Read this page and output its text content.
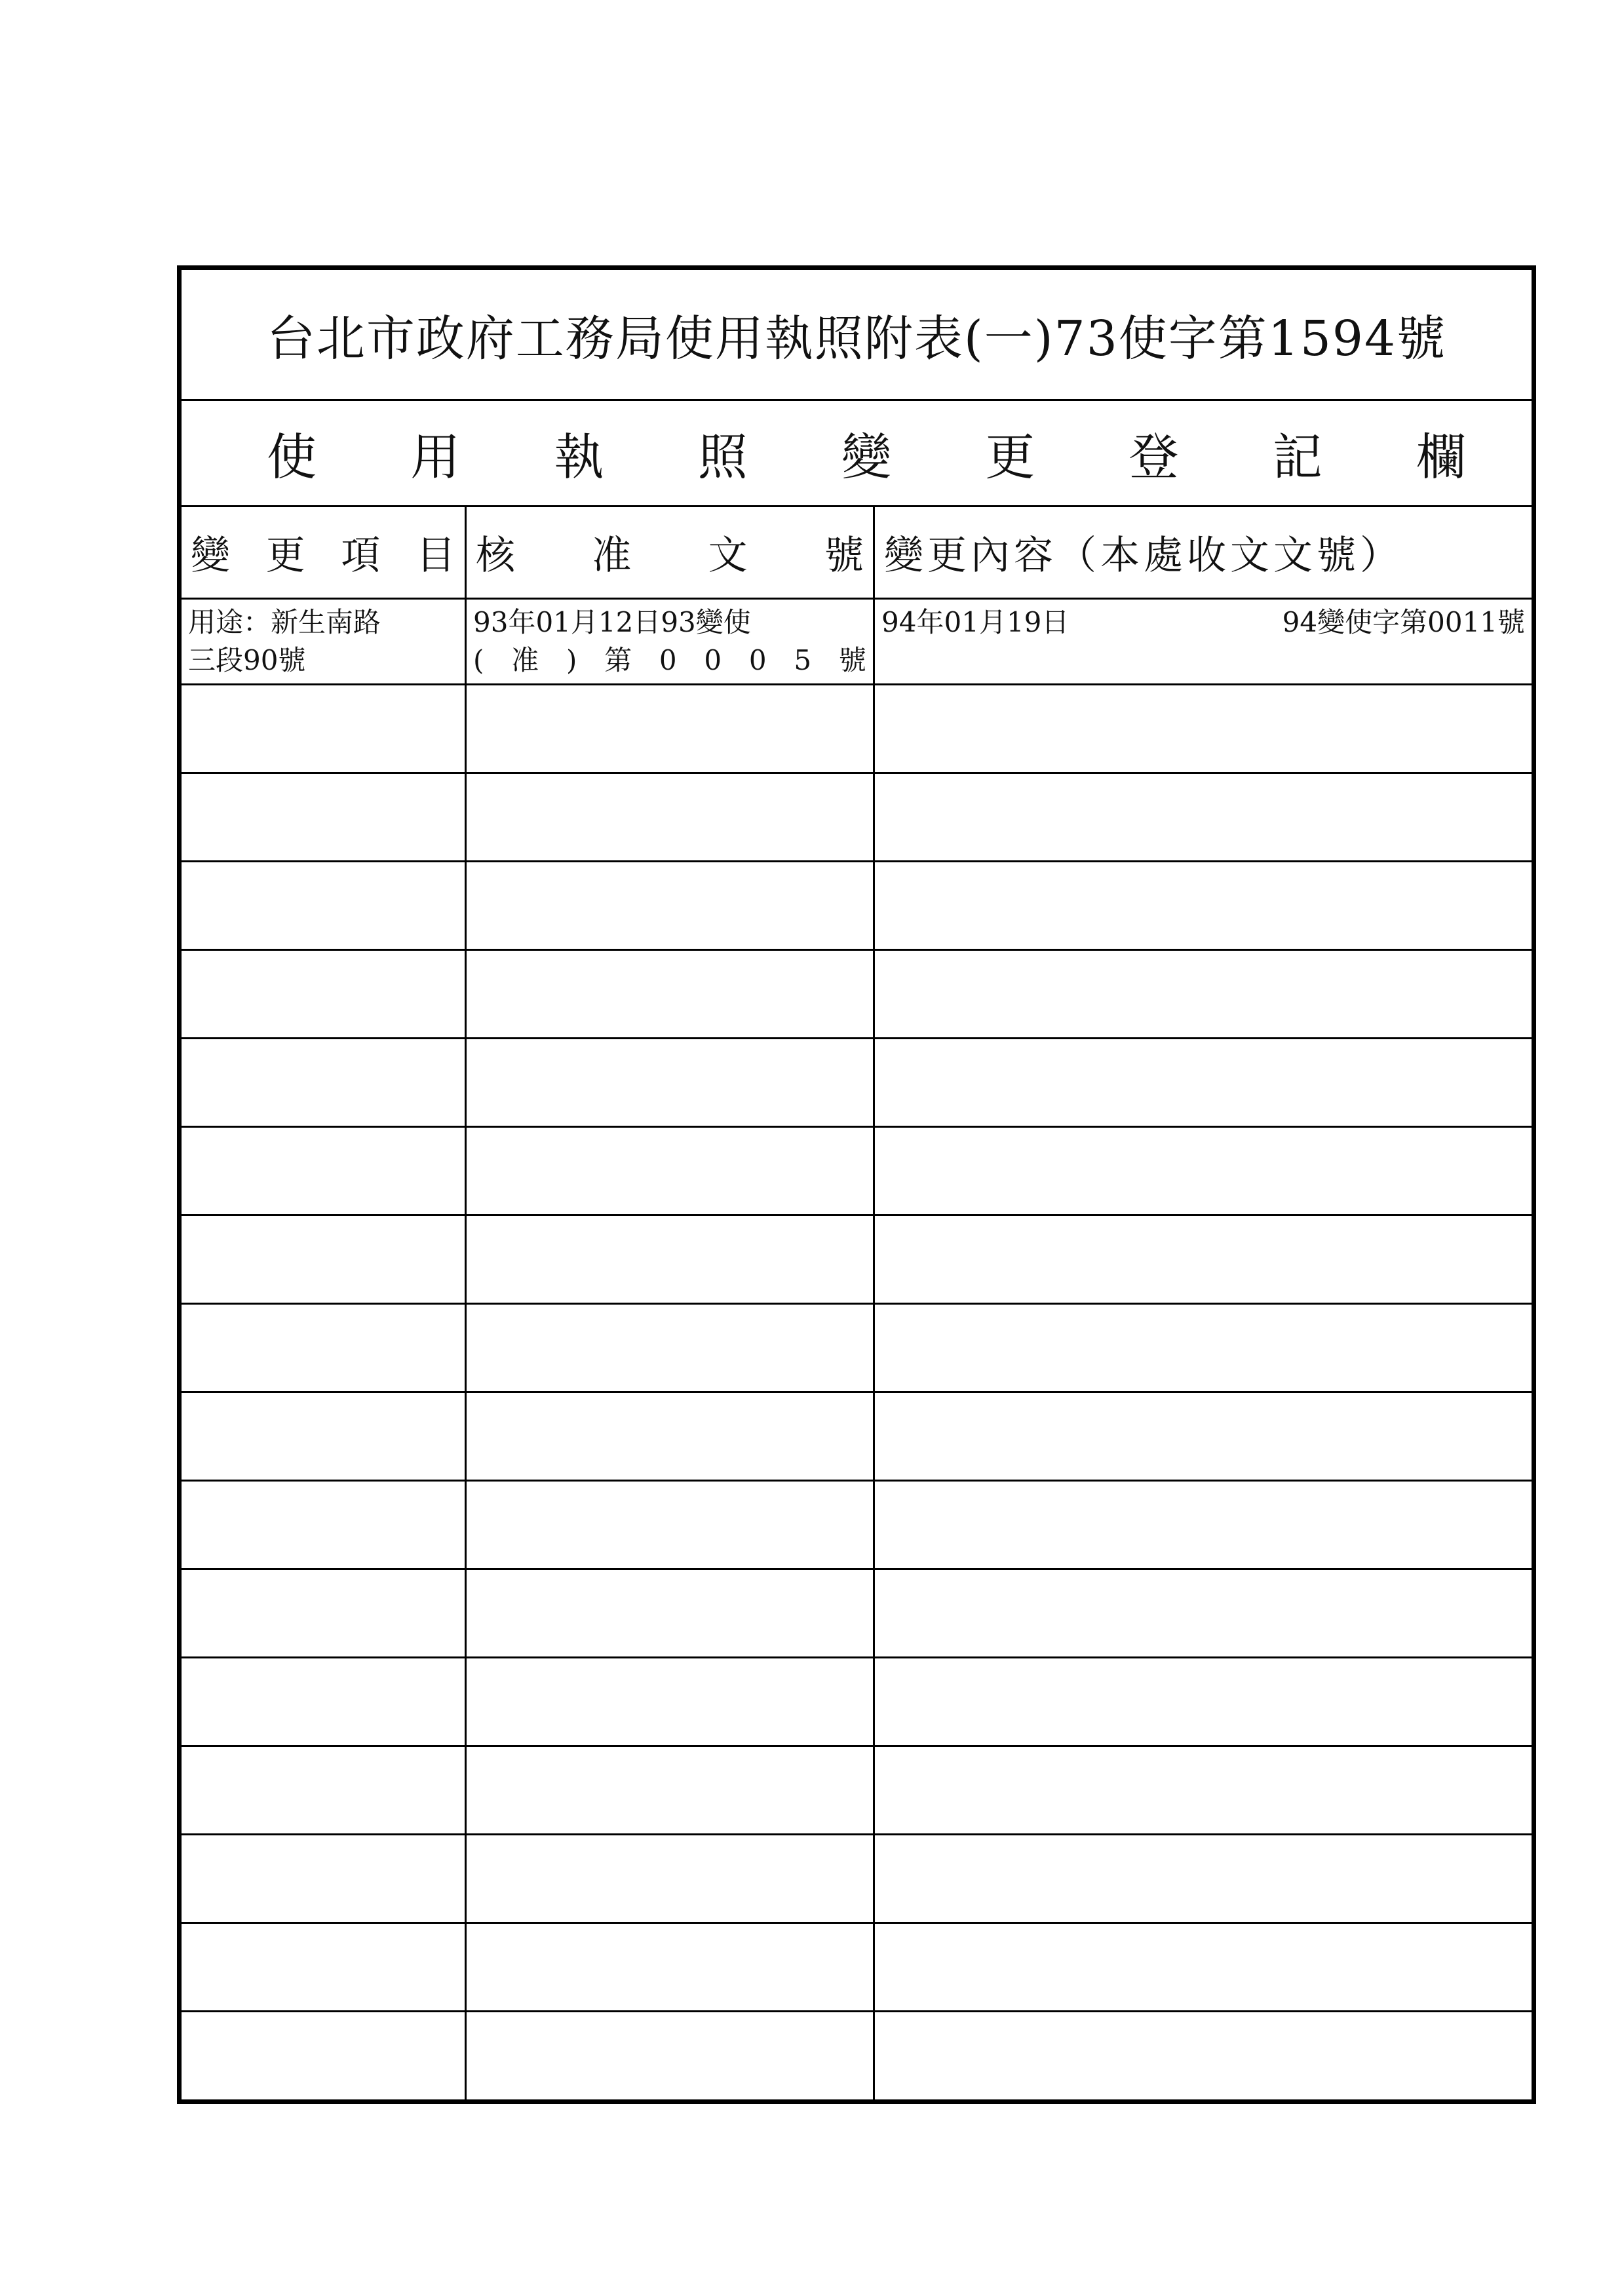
台北市政府工務局使用執照附表(一)73使字第1594號
使 用 執 照 變 更 登 記 欄
變 更 項 目 核 准 文 號 變更內容（本處收文文號）
用途：新生南路
三段90號
93年01月12日93變使
( 准 ) 第 0 0 0 5 號
94年01月19日	94變使字第0011號
